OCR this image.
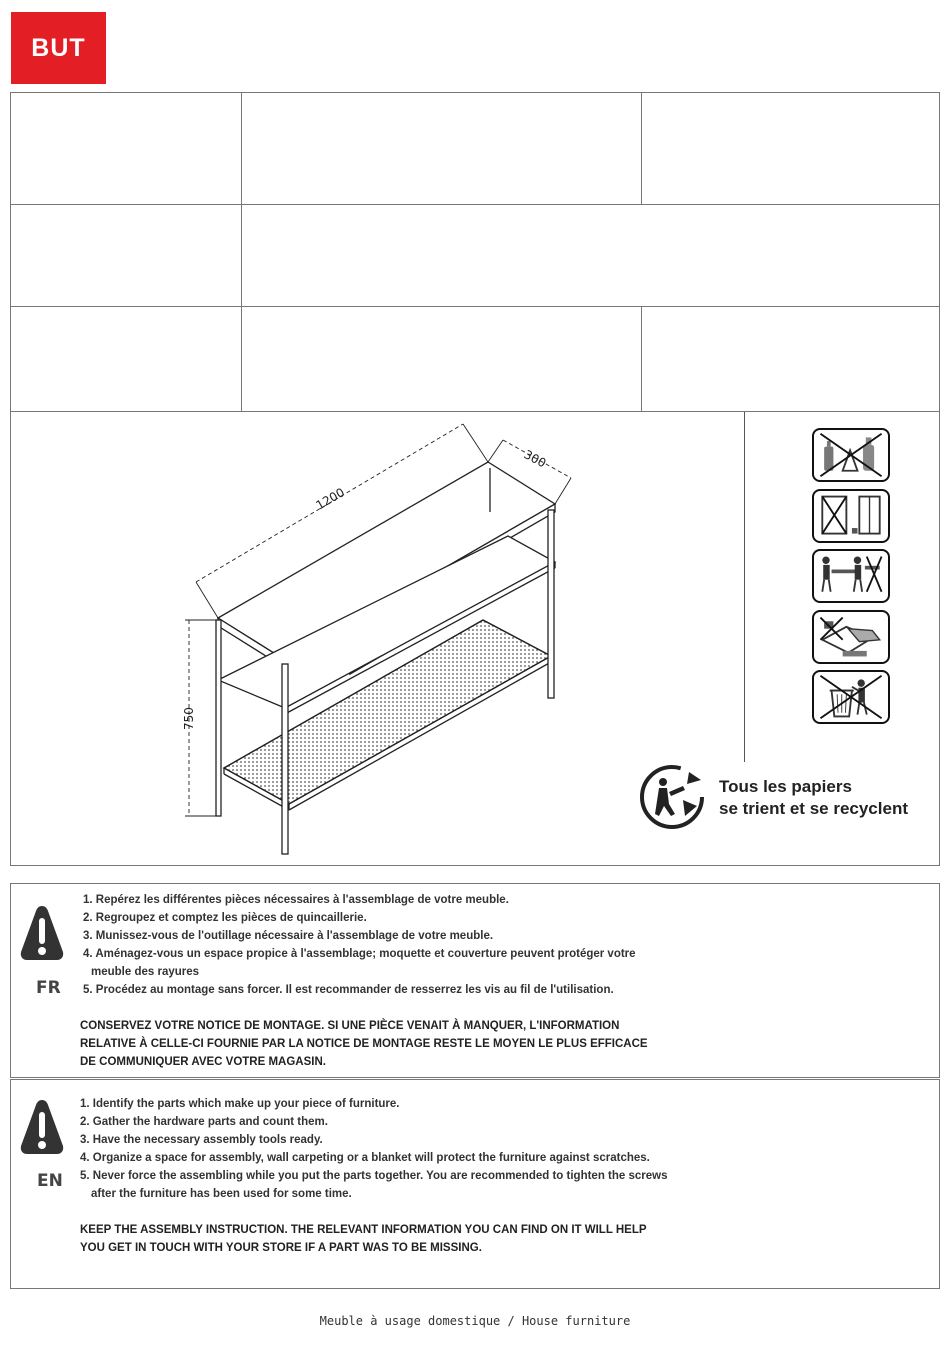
BUT
1200
300
750
Tous les papiers
se trient et se recyclent
FR
1. Repérez les différentes pièces nécessaires à l'assemblage de votre meuble.
2. Regroupez et comptez les pièces de quincaillerie.
3. Munissez-vous de l'outillage nécessaire à l'assemblage de votre meuble.
4. Aménagez-vous un espace propice à l'assemblage; moquette et couverture peuvent protéger votre
meuble des rayures
5. Procédez au montage sans forcer. Il est recommander de resserrez les vis au fil de l'utilisation.
CONSERVEZ VOTRE NOTICE DE MONTAGE. SI UNE PIÈCE VENAIT À MANQUER, L'INFORMATION
RELATIVE À CELLE-CI FOURNIE PAR LA NOTICE DE MONTAGE RESTE LE MOYEN LE PLUS EFFICACE
DE COMMUNIQUER AVEC VOTRE MAGASIN.
EN
1. Identify the parts which make up your piece of furniture.
2. Gather the hardware parts and count them.
3. Have the necessary assembly tools ready.
4. Organize a space for assembly, wall carpeting or a blanket will protect the furniture against scratches.
5. Never force the assembling while you put the parts together. You are recommended to tighten the screws
after the furniture has been used for some time.
KEEP THE ASSEMBLY INSTRUCTION. THE RELEVANT INFORMATION YOU CAN FIND ON IT WILL HELP
YOU GET IN TOUCH WITH YOUR STORE IF A PART WAS TO BE MISSING.
Meuble à usage domestique / House furniture
